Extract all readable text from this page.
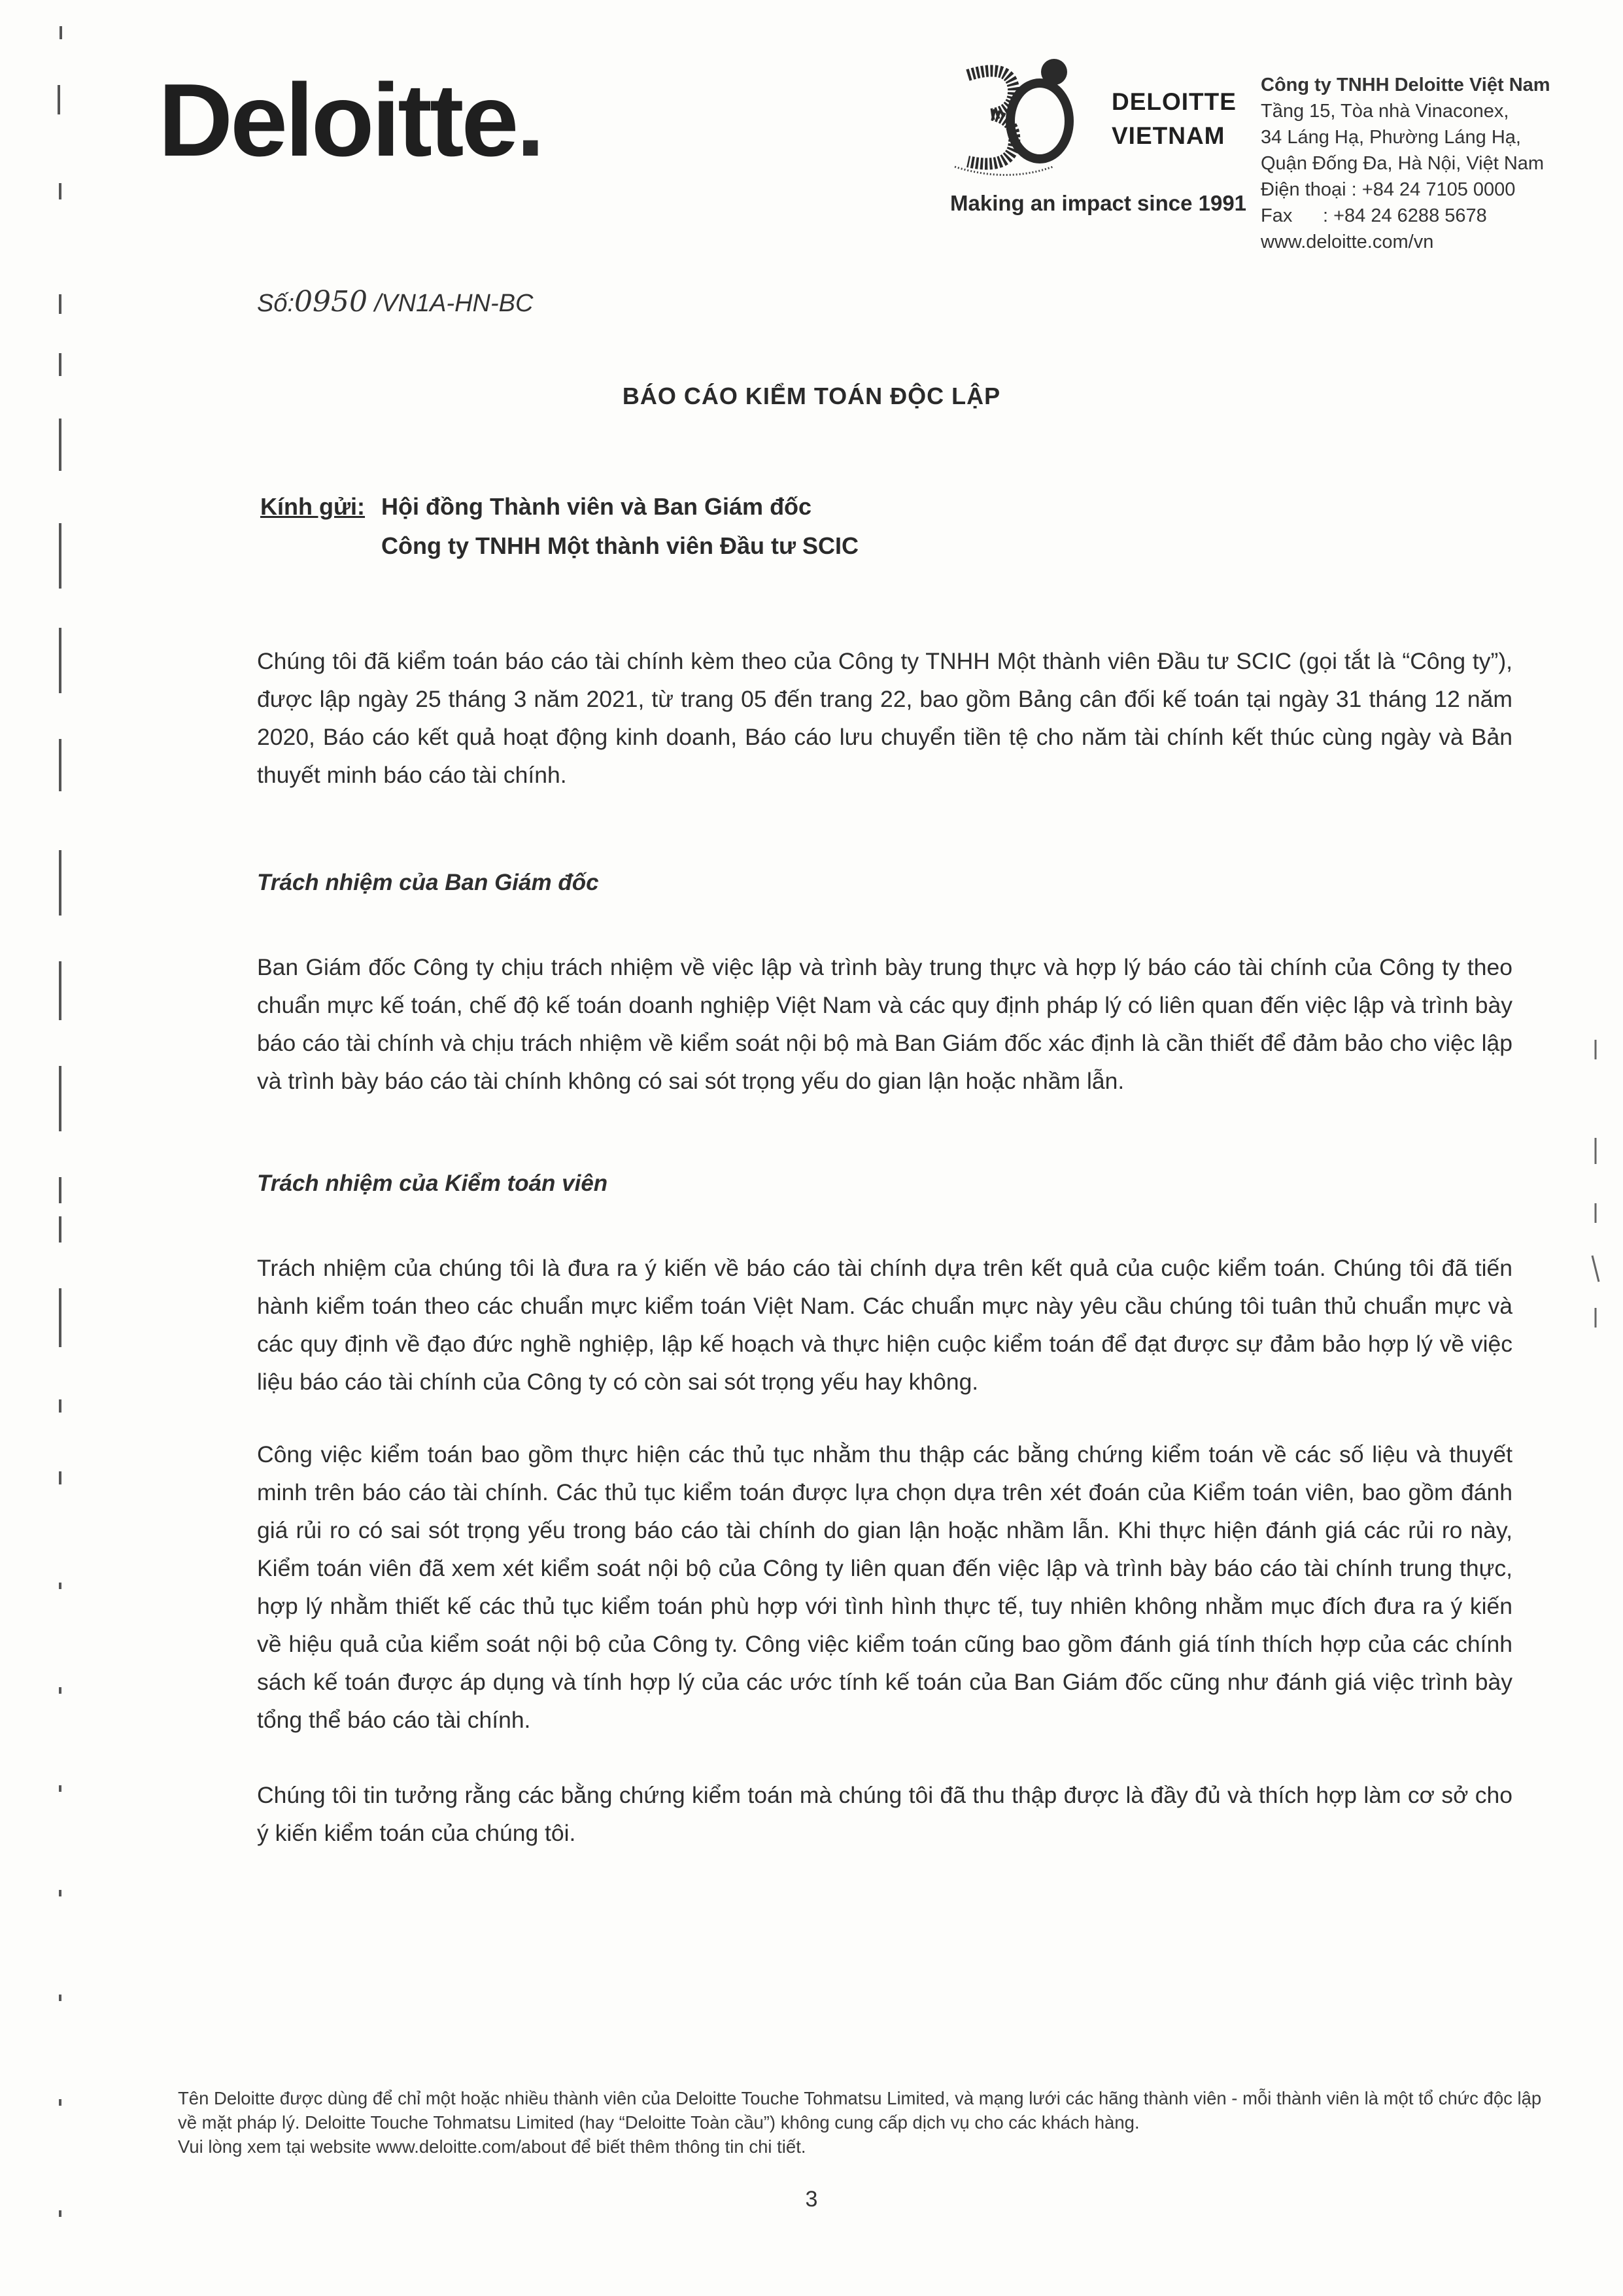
Deloitte.	DELOITTE
VIETNAM
Making an impact since 1991
Công ty TNHH Deloitte Việt Nam
Tầng 15, Tòa nhà Vinaconex,
34 Láng Hạ, Phường Láng Hạ,
Quận Đống Đa, Hà Nội, Việt Nam
Điện thoại : +84 24 7105 0000
Fax : +84 24 6288 5678
www.deloitte.com/vn
Số:0950 /VN1A-HN-BC
BÁO CÁO KIỂM TOÁN ĐỘC LẬP
Kính gửi: Hội đồng Thành viên và Ban Giám đốc
Công ty TNHH Một thành viên Đầu tư SCIC
Chúng tôi đã kiểm toán báo cáo tài chính kèm theo của Công ty TNHH Một thành viên Đầu tư SCIC (gọi tắt là “Công ty”), được lập ngày 25 tháng 3 năm 2021, từ trang 05 đến trang 22, bao gồm Bảng cân đối kế toán tại ngày 31 tháng 12 năm 2020, Báo cáo kết quả hoạt động kinh doanh, Báo cáo lưu chuyển tiền tệ cho năm tài chính kết thúc cùng ngày và Bản thuyết minh báo cáo tài chính.
Trách nhiệm của Ban Giám đốc
Ban Giám đốc Công ty chịu trách nhiệm về việc lập và trình bày trung thực và hợp lý báo cáo tài chính của Công ty theo chuẩn mực kế toán, chế độ kế toán doanh nghiệp Việt Nam và các quy định pháp lý có liên quan đến việc lập và trình bày báo cáo tài chính và chịu trách nhiệm về kiểm soát nội bộ mà Ban Giám đốc xác định là cần thiết để đảm bảo cho việc lập và trình bày báo cáo tài chính không có sai sót trọng yếu do gian lận hoặc nhầm lẫn.
Trách nhiệm của Kiểm toán viên
Trách nhiệm của chúng tôi là đưa ra ý kiến về báo cáo tài chính dựa trên kết quả của cuộc kiểm toán. Chúng tôi đã tiến hành kiểm toán theo các chuẩn mực kiểm toán Việt Nam. Các chuẩn mực này yêu cầu chúng tôi tuân thủ chuẩn mực và các quy định về đạo đức nghề nghiệp, lập kế hoạch và thực hiện cuộc kiểm toán để đạt được sự đảm bảo hợp lý về việc liệu báo cáo tài chính của Công ty có còn sai sót trọng yếu hay không.
Công việc kiểm toán bao gồm thực hiện các thủ tục nhằm thu thập các bằng chứng kiểm toán về các số liệu và thuyết minh trên báo cáo tài chính. Các thủ tục kiểm toán được lựa chọn dựa trên xét đoán của Kiểm toán viên, bao gồm đánh giá rủi ro có sai sót trọng yếu trong báo cáo tài chính do gian lận hoặc nhầm lẫn. Khi thực hiện đánh giá các rủi ro này, Kiểm toán viên đã xem xét kiểm soát nội bộ của Công ty liên quan đến việc lập và trình bày báo cáo tài chính trung thực, hợp lý nhằm thiết kế các thủ tục kiểm toán phù hợp với tình hình thực tế, tuy nhiên không nhằm mục đích đưa ra ý kiến về hiệu quả của kiểm soát nội bộ của Công ty. Công việc kiểm toán cũng bao gồm đánh giá tính thích hợp của các chính sách kế toán được áp dụng và tính hợp lý của các ước tính kế toán của Ban Giám đốc cũng như đánh giá việc trình bày tổng thể báo cáo tài chính.
Chúng tôi tin tưởng rằng các bằng chứng kiểm toán mà chúng tôi đã thu thập được là đầy đủ và thích hợp làm cơ sở cho ý kiến kiểm toán của chúng tôi.
Tên Deloitte được dùng để chỉ một hoặc nhiều thành viên của Deloitte Touche Tohmatsu Limited, và mạng lưới các hãng thành viên - mỗi thành viên là một tổ chức độc lập về mặt pháp lý. Deloitte Touche Tohmatsu Limited (hay “Deloitte Toàn cầu”) không cung cấp dịch vụ cho các khách hàng.
Vui lòng xem tại website www.deloitte.com/about để biết thêm thông tin chi tiết.
3
